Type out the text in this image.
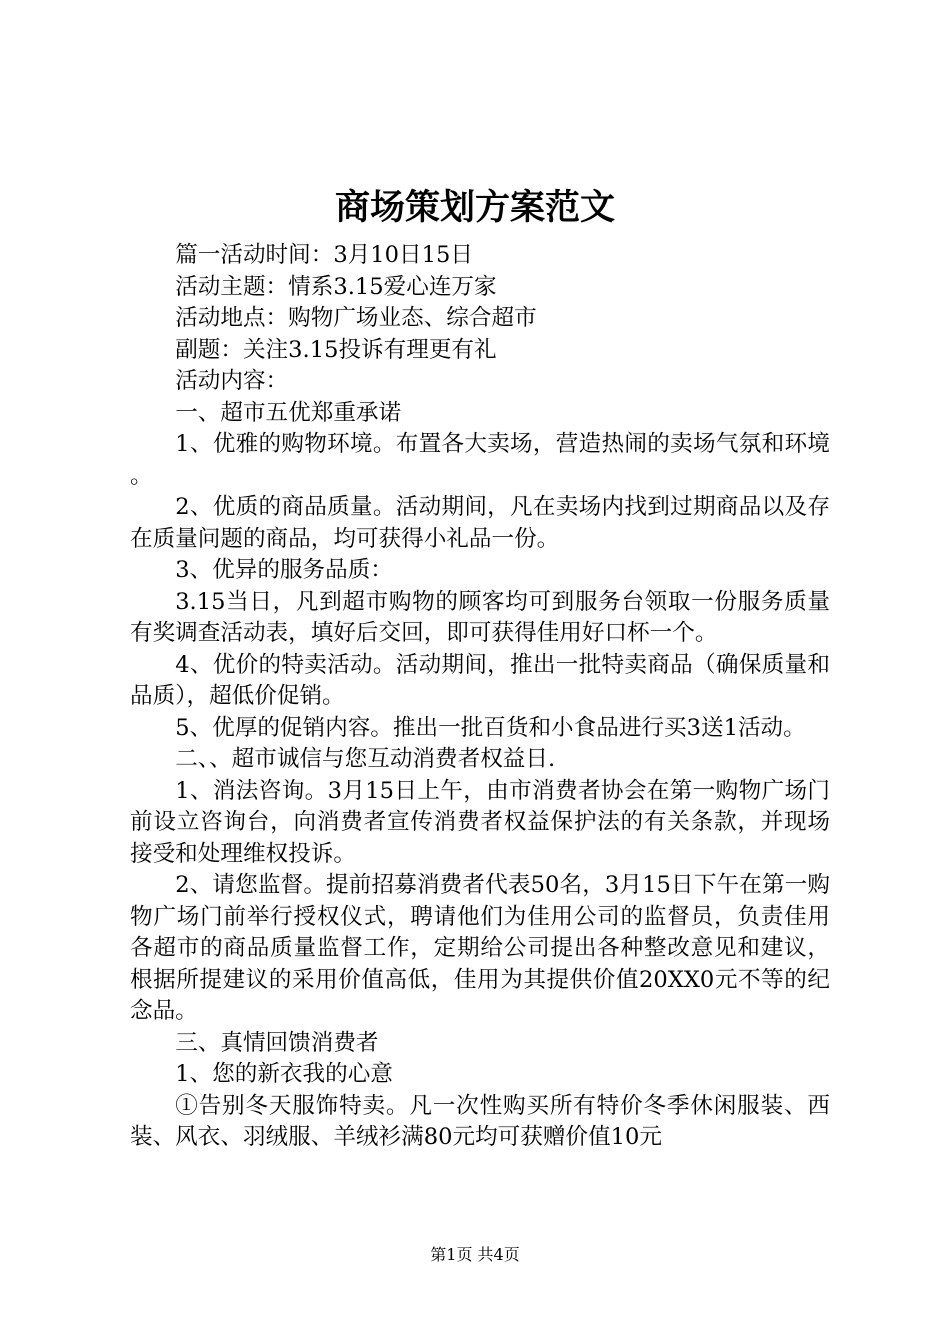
商场策划方案范文

篇一活动时间：3月10日15日

活动主题：情系3.15爱心连万家

活动地点：购物广场业态、综合超市

副题：关注3.15投诉有理更有礼

活动内容：

一、超市五优郑重承诺

1、优雅的购物环境。布置各大卖场，营造热闹的卖场气氛和环境。

2、优质的商品质量。活动期间，凡在卖场内找到过期商品以及存在质量问题的商品，均可获得小礼品一份。

3、优异的服务品质：

3.15当日，凡到超市购物的顾客均可到服务台领取一份服务质量有奖调查活动表，填好后交回，即可获得佳用好口杯一个。

4、优价的特卖活动。活动期间，推出一批特卖商品（确保质量和品质），超低价促销。

5、优厚的促销内容。推出一批百货和小食品进行买3送1活动。

二、、超市诚信与您互动消费者权益日.

1、消法咨询。3月15日上午，由市消费者协会在第一购物广场门前设立咨询台，向消费者宣传消费者权益保护法的有关条款，并现场接受和处理维权投诉。

2、请您监督。提前招募消费者代表50名，3月15日下午在第一购物广场门前举行授权仪式，聘请他们为佳用公司的监督员，负责佳用各超市的商品质量监督工作，定期给公司提出各种整改意见和建议，根据所提建议的采用价值高低，佳用为其提供价值20XX0元不等的纪念品。

三、真情回馈消费者

1、您的新衣我的心意

①告别冬天服饰特卖。凡一次性购买所有特价冬季休闲服装、西装、风衣、羽绒服、羊绒衫满80元均可获赠价值10元

第1页 共4页
